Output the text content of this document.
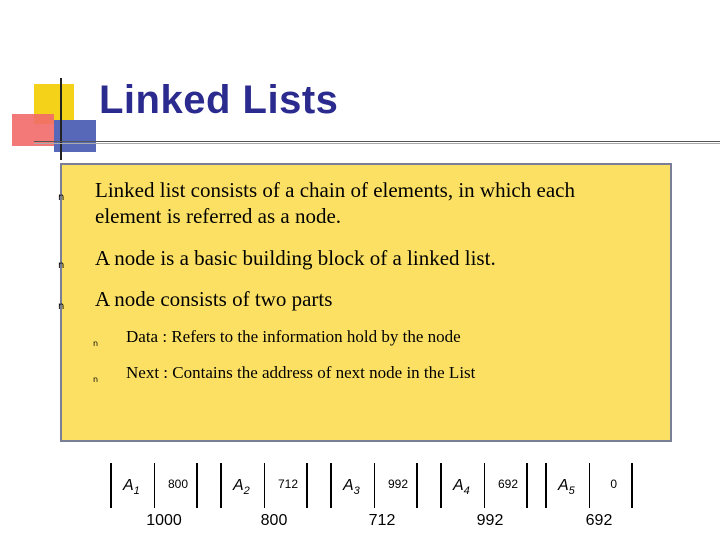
Linked Lists
n Linked list consists of a chain of elements, in which each
element is referred as a node.
n A node is a basic building block of a linked list.
n A node consists of two parts
n Data : Refers to the information hold by the node
n Next : Contains the address of next node in the List
$A_1$
800
1000
$A_2$
712
800
$A_3$
992
712
$A_4$
692
992
$A_5$
0
692
